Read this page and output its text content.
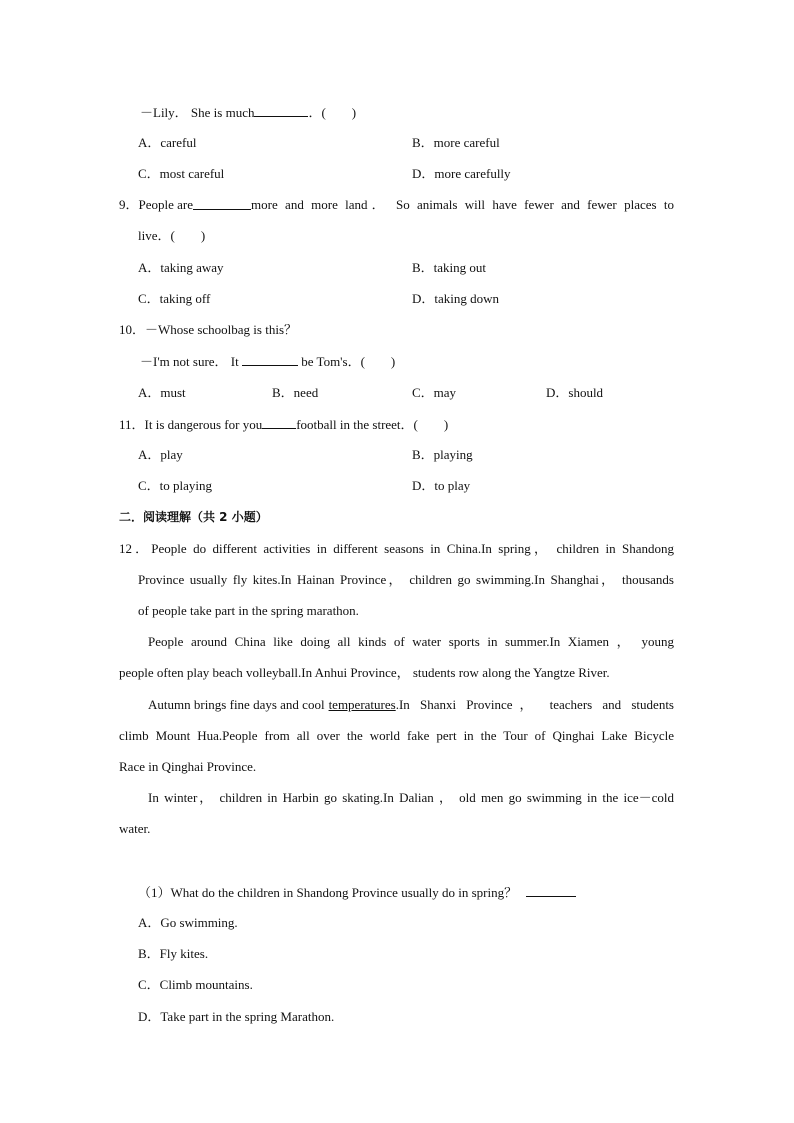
－Lily． She is much	．(　　)
A．careful	B．more careful
C．most careful	D．more carefully
9．People are	more and more land． So animals will have fewer and fewer places to
live．(　　)
A．taking away	B．taking out
C．taking off	D．taking down
10．－Whose schoolbag is this？
－I'm not sure． It	be Tom's．(　　)
A．must	B．need	C．may	D．should
11．It is dangerous for you	football in the street．(　　)
A．play	B．playing
C．to playing	D．to play
二．阅读理解（共 2 小题）
12．People do different activities in different seasons in China.In spring， children in Shandong
Province usually fly kites.In Hainan Province， children go swimming.In Shanghai， thousands
of people take part in the spring marathon.
People around China like doing all kinds of water sports in summer.In Xiamen ， young
people often play beach volleyball.In Anhui Province， students row along the Yangtze River.
Autumn brings fine days and cool temperatures .In Shanxi Province， teachers and students
climb Mount Hua.People from all over the world fake pert in the Tour of Qinghai Lake Bicycle
Race in Qinghai Province.
In winter， children in Harbin go skating.In Dalian ， old men go swimming in the ice－cold
water.
（1）What do the children in Shandong Province usually do in spring？
A．Go swimming.
B．Fly kites.
C．Climb mountains.
D．Take part in the spring Marathon.
